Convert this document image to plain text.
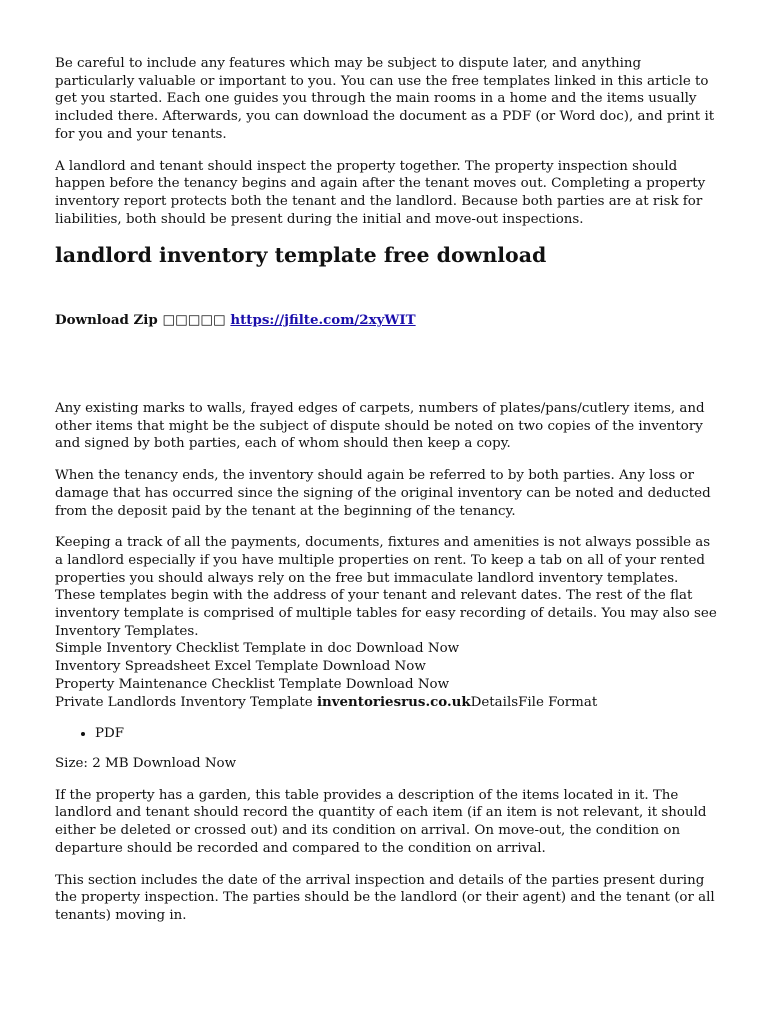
Be careful to include any features which may be subject to dispute later, and anything particularly valuable or important to you. You can use the free templates linked in this article to get you started. Each one guides you through the main rooms in a home and the items usually included there. Afterwards, you can download the document as a PDF (or Word doc), and print it for you and your tenants.

A landlord and tenant should inspect the property together. The property inspection should happen before the tenancy begins and again after the tenant moves out. Completing a property inventory report protects both the tenant and the landlord. Because both parties are at risk for liabilities, both should be present during the initial and move-out inspections.

landlord inventory template free download
Download Zip □□□□□ https://jfilte.com/2xyWIT

Any existing marks to walls, frayed edges of carpets, numbers of plates/pans/cutlery items, and other items that might be the subject of dispute should be noted on two copies of the inventory and signed by both parties, each of whom should then keep a copy.

When the tenancy ends, the inventory should again be referred to by both parties. Any loss or damage that has occurred since the signing of the original inventory can be noted and deducted from the deposit paid by the tenant at the beginning of the tenancy.

Keeping a track of all the payments, documents, fixtures and amenities is not always possible as a landlord especially if you have multiple properties on rent. To keep a tab on all of your rented properties you should always rely on the free but immaculate landlord inventory templates. These templates begin with the address of your tenant and relevant dates. The rest of the flat inventory template is comprised of multiple tables for easy recording of details. You may also see Inventory Templates.
Simple Inventory Checklist Template in doc Download Now
Inventory Spreadsheet Excel Template Download Now
Property Maintenance Checklist Template Download Now
Private Landlords Inventory Template inventoriesrus.co.ukDetailsFile Format
• PDF

Size: 2 MB Download Now

If the property has a garden, this table provides a description of the items located in it. The landlord and tenant should record the quantity of each item (if an item is not relevant, it should either be deleted or crossed out) and its condition on arrival. On move-out, the condition on departure should be recorded and compared to the condition on arrival.

This section includes the date of the arrival inspection and details of the parties present during the property inspection. The parties should be the landlord (or their agent) and the tenant (or all tenants) moving in.
